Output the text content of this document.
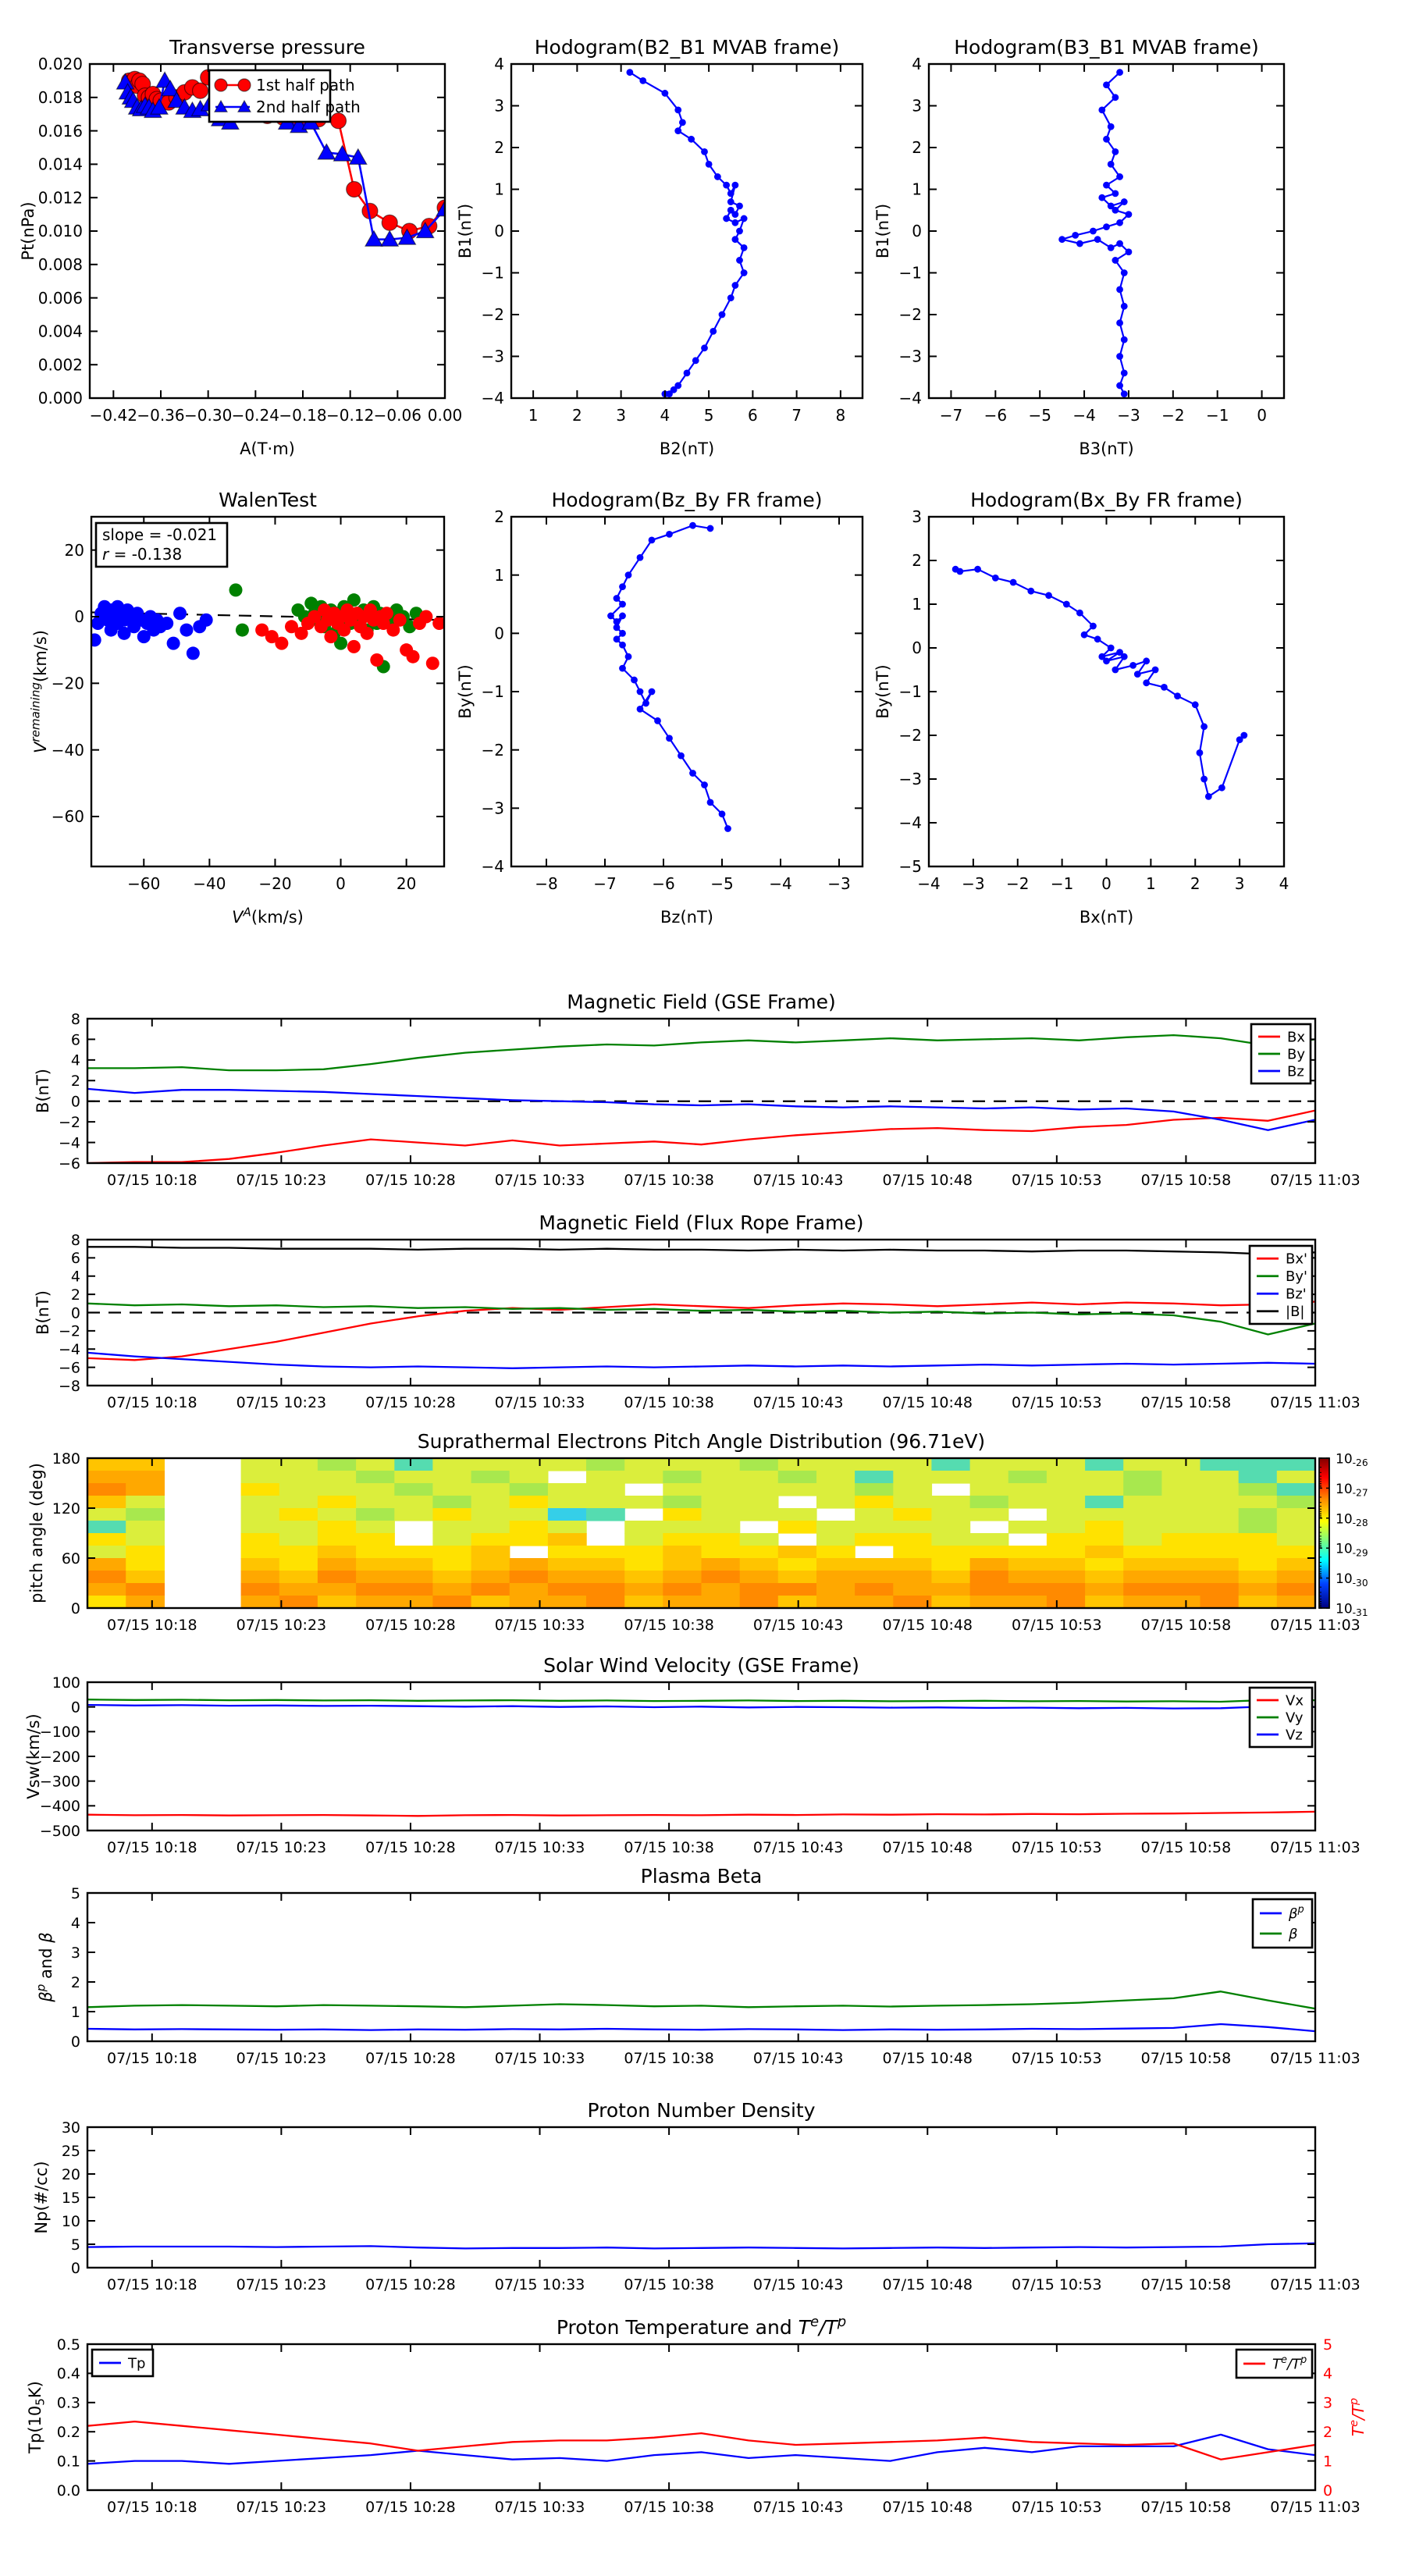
−0.42 −0.36 −0.30 −0.24 −0.18 −0.12 −0.06 0.00
0.000
0.002
0.004
0.006
0.008
0.010
0.012
0.014
0.016
0.018
0.020
Transverse pressure
A(T·m)
Pt(nPa)
1st half path
2nd half path
1 2 3 4 5 6 7 8
−4
−3
−2
−1
0
1
2
3
4
Hodogram(B2_B1 MVAB frame)
B2(nT)
B1(nT)
−7 −6 −5 −4 −3 −2 −1 0
−4
−3
−2
−1
0
1
2
3
4
Hodogram(B3_B1 MVAB frame)
B3(nT)
B1(nT)
−60 −40 −20	0	20
−60
−40
−20
0
20
WalenTest
$V^A(km/s)$
$V^{remaining}(km/s)$
slope = -0.021
r = -0.138
−8 −7 −6 −5 −4 −3
−4
−3
−2
−1
0
1
2
Hodogram(Bz_By FR frame)
Bz(nT)
By(nT)
−4 −3 −2 −1 0 1 2 3 4
−5
−4
−3
−2
−1
0
1
2
3
Hodogram(Bx_By FR frame)
Bx(nT)
By(nT)
07/15 10:18	07/15 10:23	07/15 10:28	07/15 10:33	07/15 10:38	07/15 10:43	07/15 10:48	07/15 10:53	07/15 10:58	07/15 11:03
−6
−4
−2
0
2
4
6
8
Magnetic Field (GSE Frame)
B(nT)
Bx
By
Bz
07/15 10:18	07/15 10:23	07/15 10:28	07/15 10:33	07/15 10:38	07/15 10:43	07/15 10:48	07/15 10:53	07/15 10:58	07/15 11:03
−8
−6
−4
−2
0
2
4
6
8
Magnetic Field (Flux Rope Frame)
B(nT)
Bx'
By'
Bz'
|B|
07/15 10:18	07/15 10:23	07/15 10:28	07/15 10:33	07/15 10:38	07/15 10:43	07/15 10:48	07/15 10:53	07/15 10:58	07/15 11:03
0
60
120
180
Suprathermal Electrons Pitch Angle Distribution (96.71eV)
pitch angle (deg)
$10_{-26}$
$10_{-27}$
$10_{-28}$
$10_{-29}$
$10_{-30}$
$10_{-31}$
07/15 10:18	07/15 10:23	07/15 10:28	07/15 10:33	07/15 10:38	07/15 10:43	07/15 10:48	07/15 10:53	07/15 10:58	07/15 11:03
−500
−400
−300
−200
−100
0
100
Solar Wind Velocity (GSE Frame)
Vsw(km/s)
Vx
Vy
Vz
07/15 10:18	07/15 10:23	07/15 10:28	07/15 10:33	07/15 10:38	07/15 10:43	07/15 10:48	07/15 10:53	07/15 10:58	07/15 11:03
0
1
2
3
4
5
Plasma Beta
$\beta^p$ and β
$\beta^p$
β
07/15 10:18	07/15 10:23	07/15 10:28	07/15 10:33	07/15 10:38	07/15 10:43	07/15 10:48	07/15 10:53	07/15 10:58	07/15 11:03
0
5
10
15
20
25
30
Proton Number Density
Np(#/cc)
07/15 10:18	07/15 10:23	07/15 10:28	07/15 10:33	07/15 10:38	07/15 10:43	07/15 10:48	07/15 10:53	07/15 10:58	07/15 11:03
0.0
0.1
0.2
0.3
0.4
0.5
0
1
2
3
4
5
$T^e/T^p$
Proton Temperature and $T^e/T^p$
$Tp(10_5K)$
Tp	$T^e/T^p$
